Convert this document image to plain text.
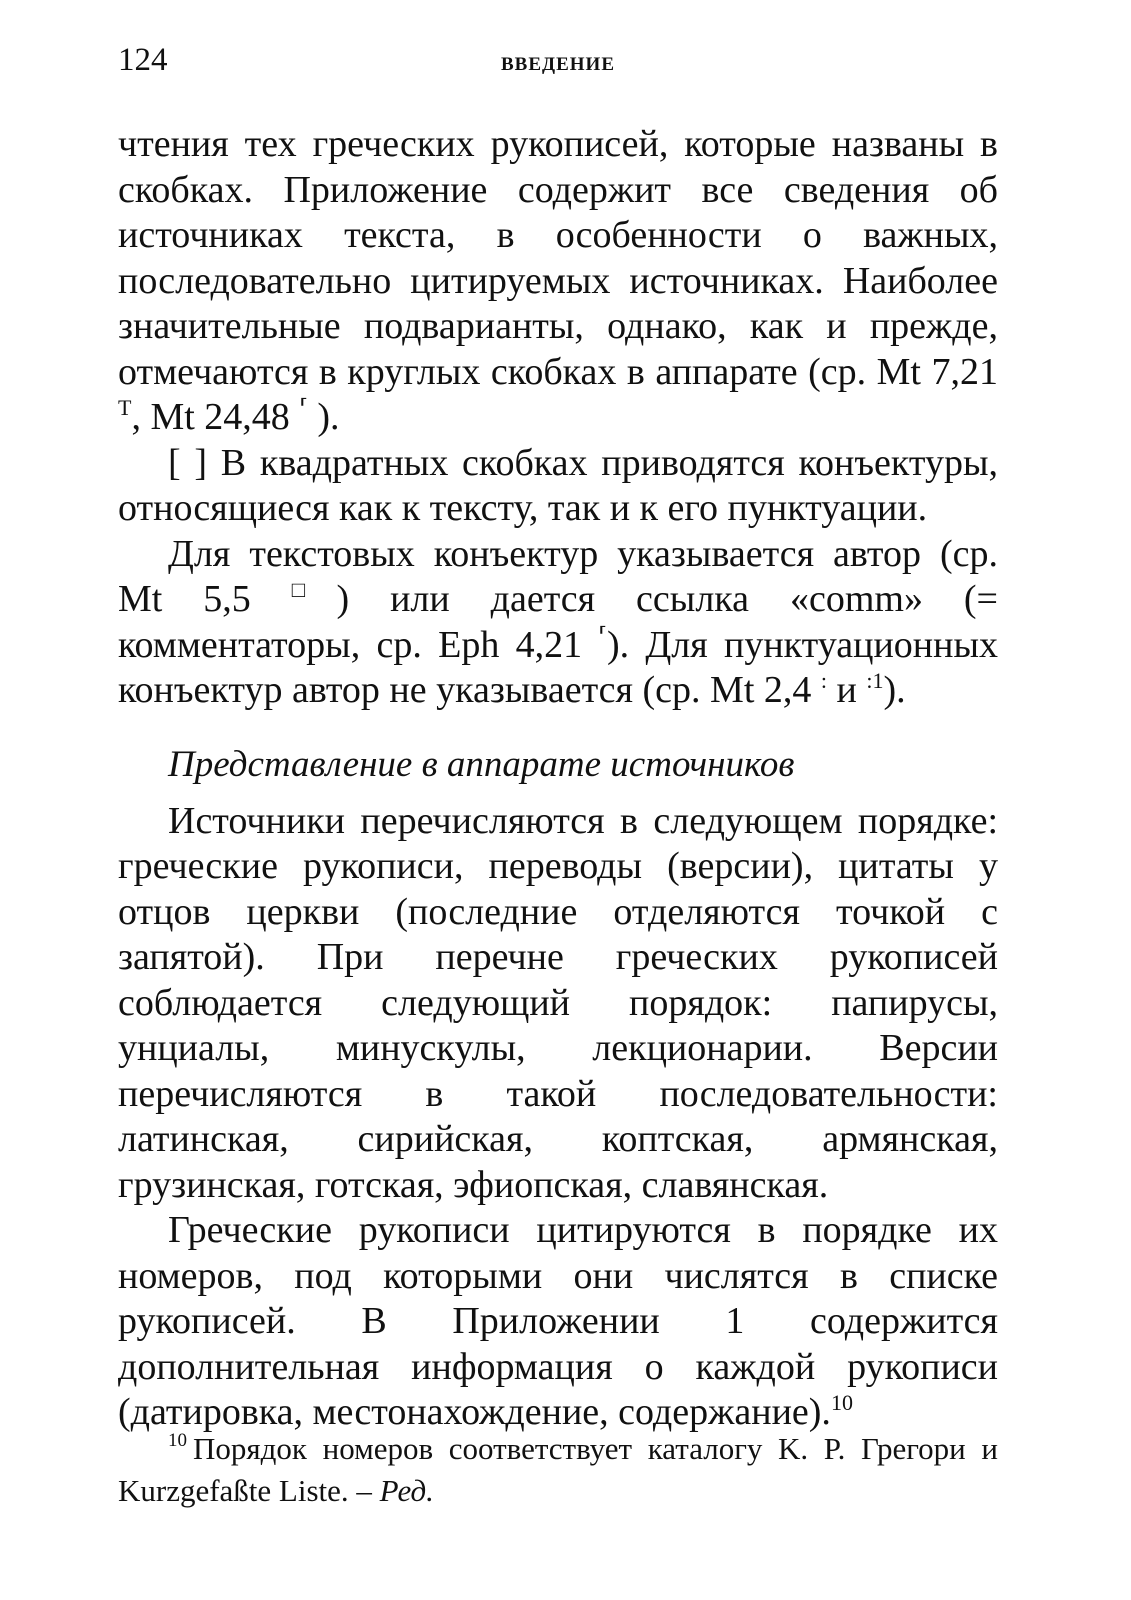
124	ВВЕДЕНИЕ

чтения тех греческих рукописей, которые названы в скобках. Приложение содержит все сведения об источниках текста, в особенности о важных, последовательно цитируемых источниках. Наиболее значительные подварианты, однако, как и прежде, отмечаются в круглых скобках в аппарате (ср. Mt 7,21 $^T$, Mt 24,48 ⸢ ).

[ ] В квадратных скобках приводятся конъектуры, относящиеся как к тексту, так и к его пунктуации.

Для текстовых конъектур указывается автор (ср. Mt 5,5 □) или дается ссылка «comm» (= комментаторы, ср. Eph 4,21 ⸢). Для пунктуационных конъектур автор не указывается (ср. Mt 2,4 : и $^{:1}$).

Представление в аппарате источников

Источники перечисляются в следующем порядке: греческие рукописи, переводы (версии), цитаты у отцов церкви (последние отделяются точкой с запятой). При перечне греческих рукописей соблюдается следующий порядок: папирусы, унциалы, минускулы, лекционарии. Версии перечисляются в такой последовательности: латинская, сирийская, коптская, армянская, грузинская, готская, эфиопская, славянская.

Греческие рукописи цитируются в порядке их номеров, под которыми они числятся в списке рукописей. В Приложении 1 содержится дополнительная информация о каждой рукописи (датировка, местонахождение, содержание).$^{10}$

$^{10}$ Порядок номеров соответствует каталогу K. P. Грегори и Kurzgefaßte Liste. – Ред.
